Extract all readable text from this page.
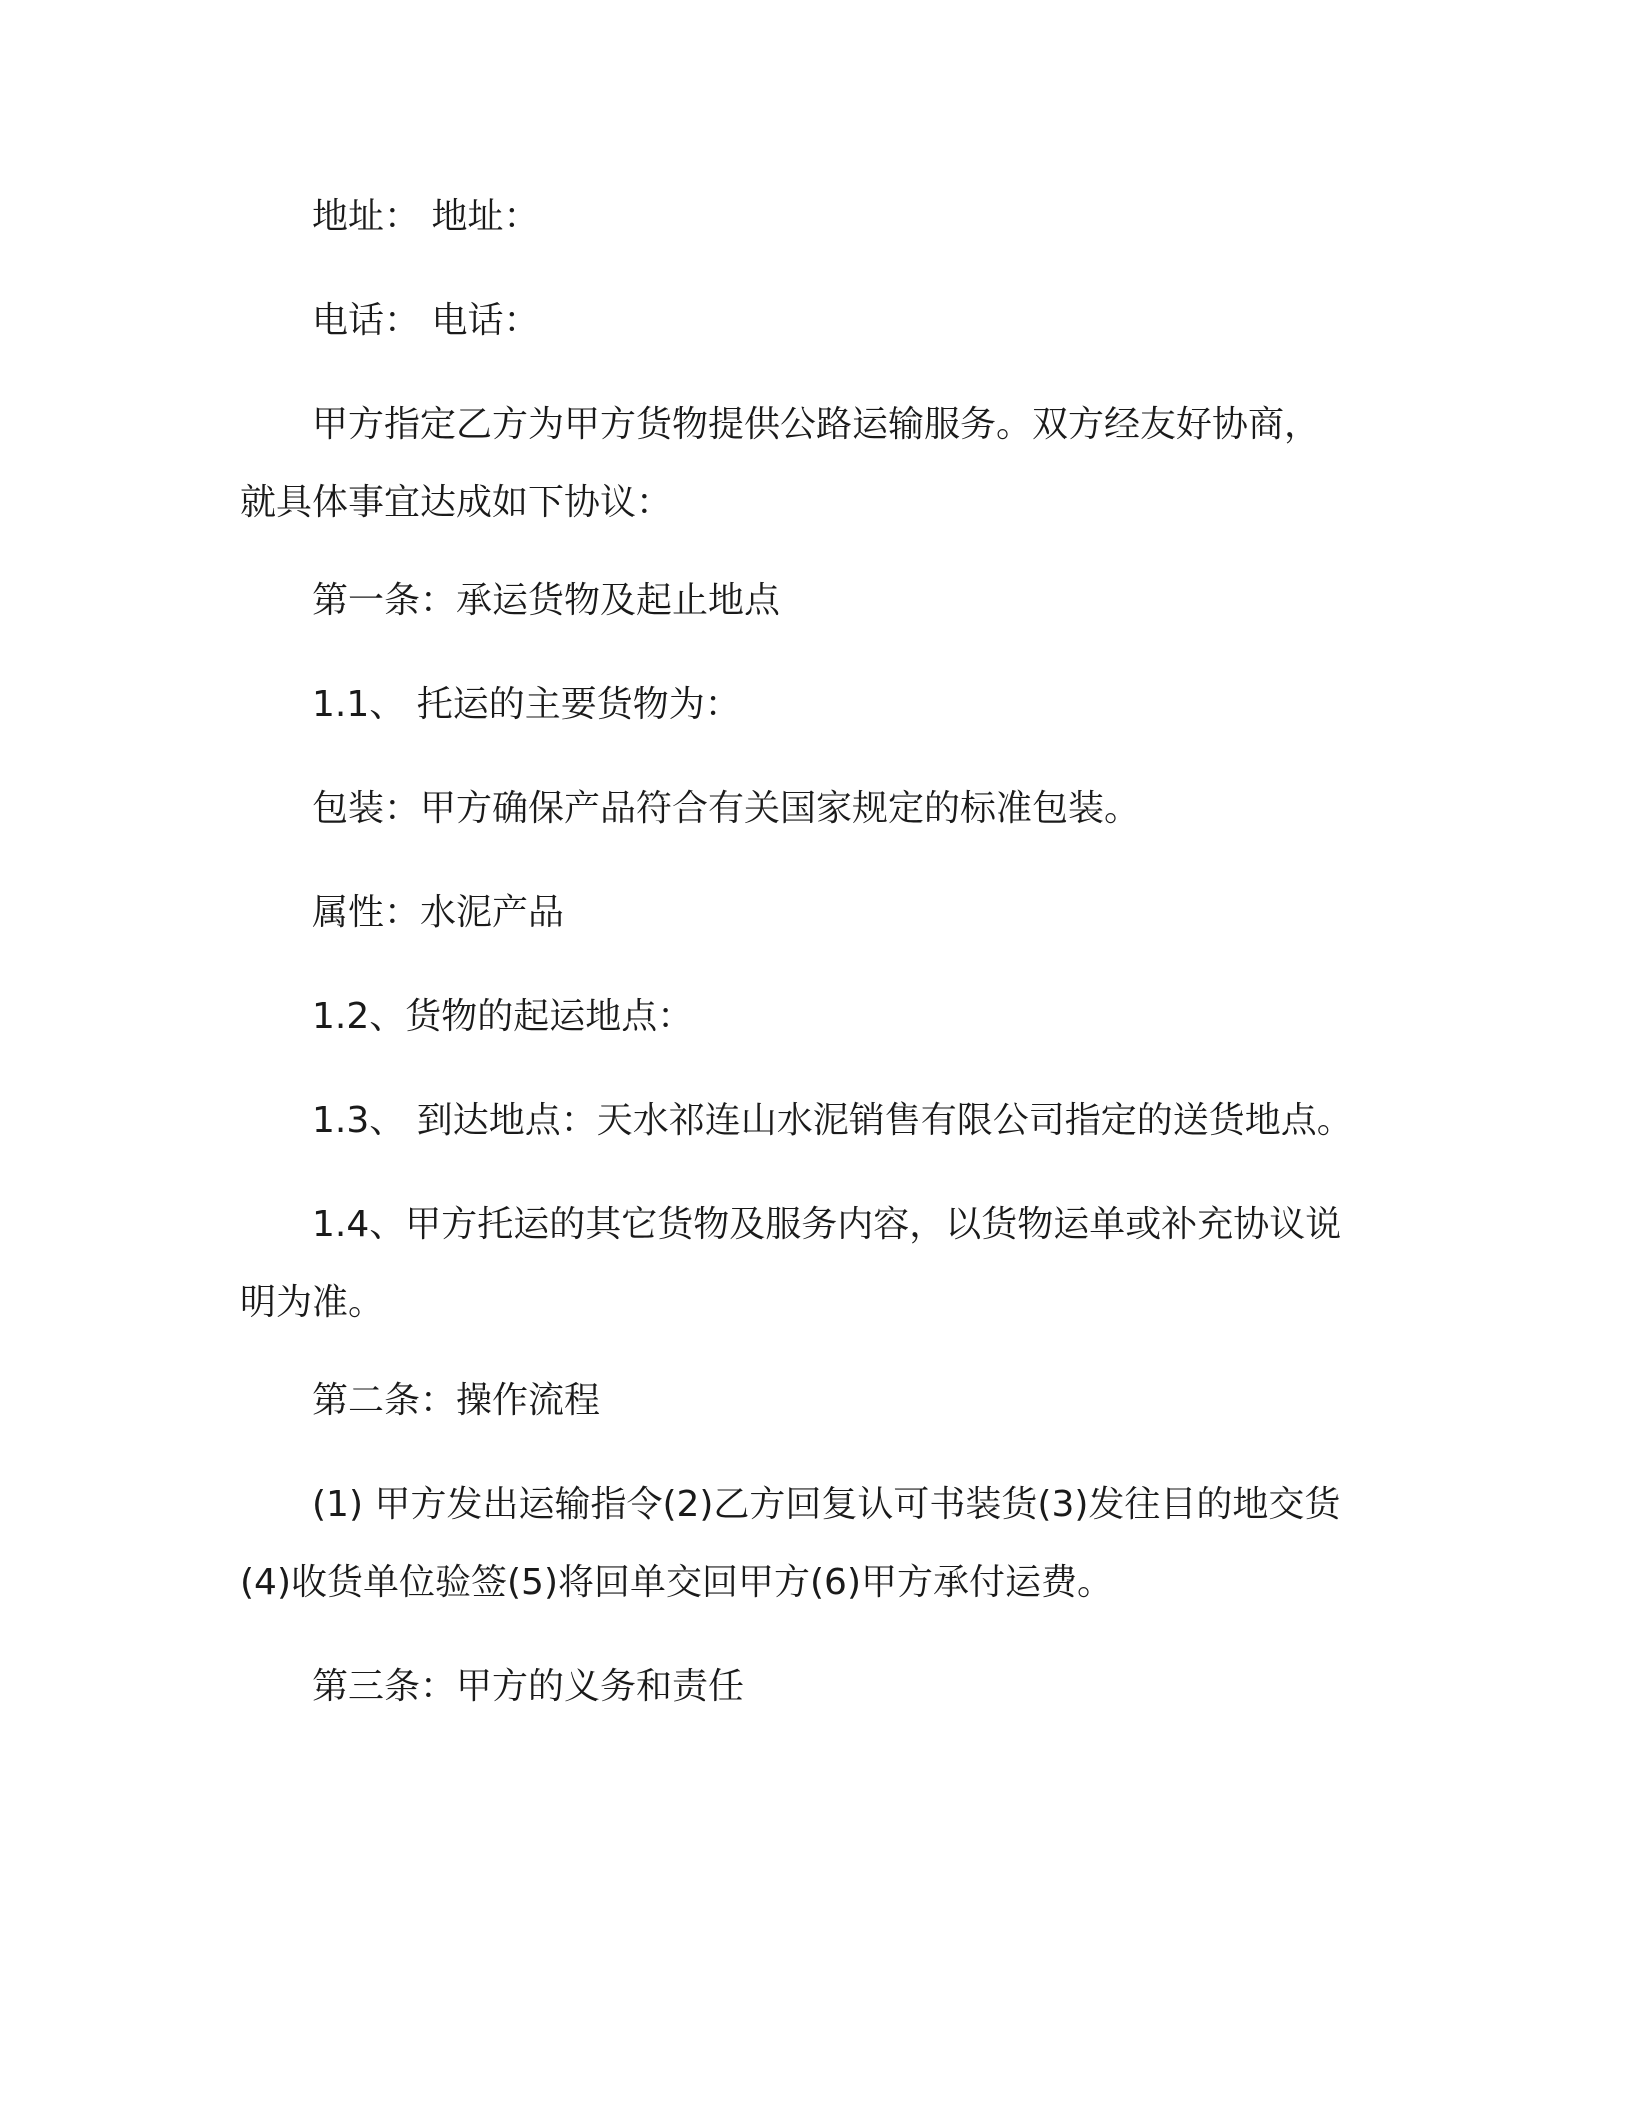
地址： 地址：

电话： 电话：

甲方指定乙方为甲方货物提供公路运输服务。双方经友好协商，

就具体事宜达成如下协议：

第一条：承运货物及起止地点

1.1、 托运的主要货物为：

包装：甲方确保产品符合有关国家规定的标准包装。

属性：水泥产品

1.2、货物的起运地点：

1.3、 到达地点：天水祁连山水泥销售有限公司指定的送货地点。

1.4、甲方托运的其它货物及服务内容，以货物运单或补充协议说

明为准。

第二条：操作流程

(1) 甲方发出运输指令(2)乙方回复认可书装货(3)发往目的地交货

(4)收货单位验签(5)将回单交回甲方(6)甲方承付运费。

第三条：甲方的义务和责任
